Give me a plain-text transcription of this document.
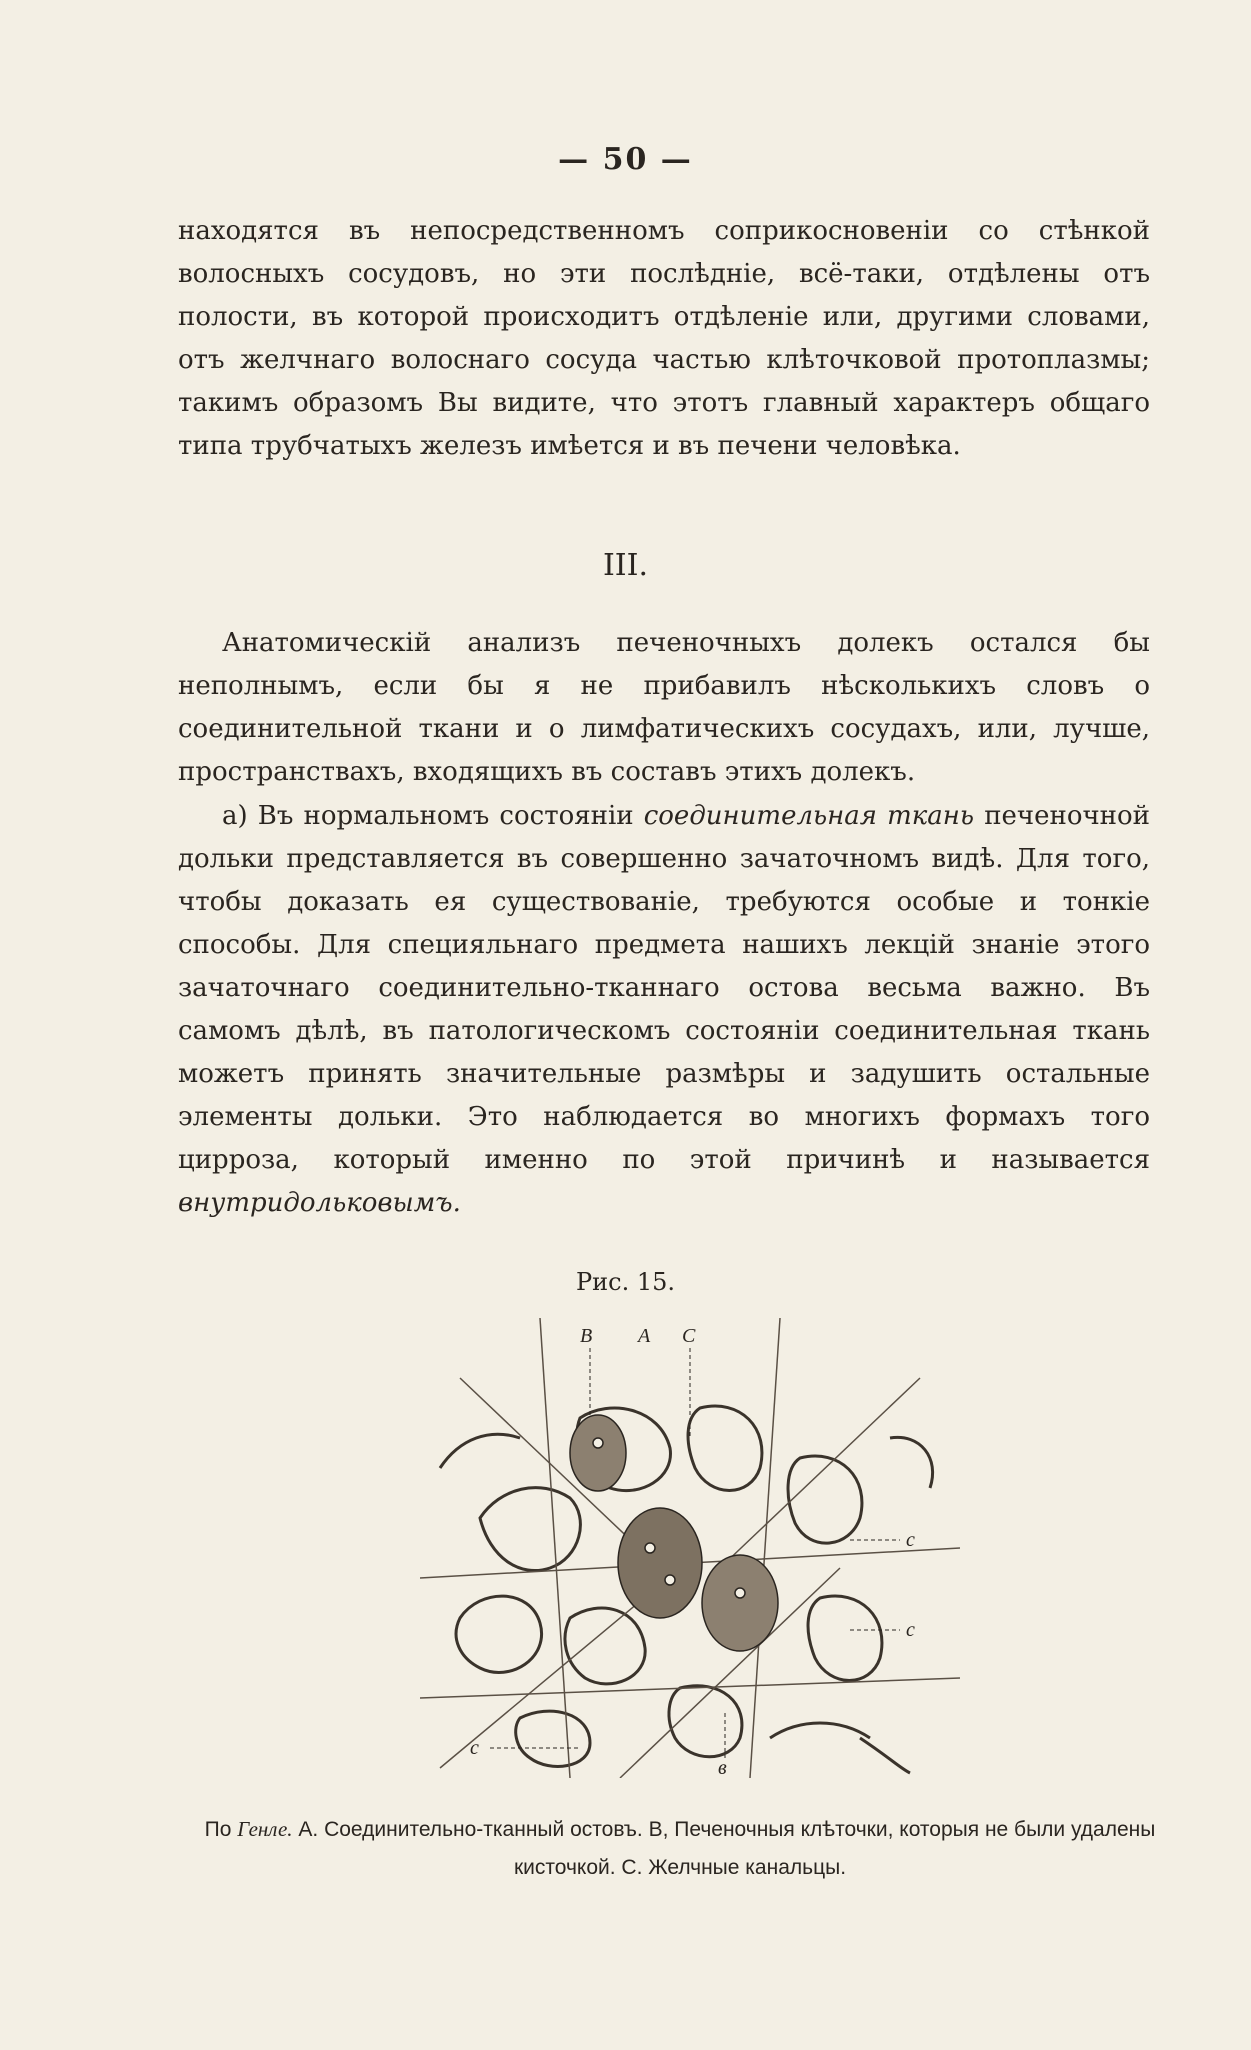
— 50 —
находятся въ непосредственномъ соприкосновеніи со стѣнкой волосныхъ сосудовъ, но эти послѣдніе, всё-таки, отдѣлены отъ полости, въ которой происходитъ отдѣленіе или, другими словами, отъ желчнаго волоснаго сосуда частью клѣточковой протоплазмы; такимъ образомъ Вы видите, что этотъ главный характеръ общаго типа трубчатыхъ железъ имѣется и въ печени человѣка.
III.
Анатомическій анализъ печеночныхъ долекъ остался бы неполнымъ, если бы я не прибавилъ нѣсколькихъ словъ о соединительной ткани и о лимфатическихъ сосудахъ, или, лучше, пространствахъ, входящихъ въ составъ этихъ долекъ.
а) Въ нормальномъ состояніи соединительная ткань печеночной дольки представляется въ совершенно зачаточномъ видѣ. Для того, чтобы доказать ея существованіе, требуются особые и тонкіе способы. Для специяльнаго предмета нашихъ лекцій знаніе этого зачаточнаго соединительно-тканнаго остова весьма важно. Въ самомъ дѣлѣ, въ патологическомъ состояніи соединительная ткань можетъ принять значительные размѣры и задушить остальные элементы дольки. Это наблюдается во многихъ формахъ того цирроза, который именно по этой причинѣ и называется внутридольковымъ.
Рис. 15.
B A C
c
c
c
в
По Генле. А. Соединительно-тканный остовъ. В, Печеночныя клѣточки, которыя не были удалены кисточкой. С. Желчные канальцы.
